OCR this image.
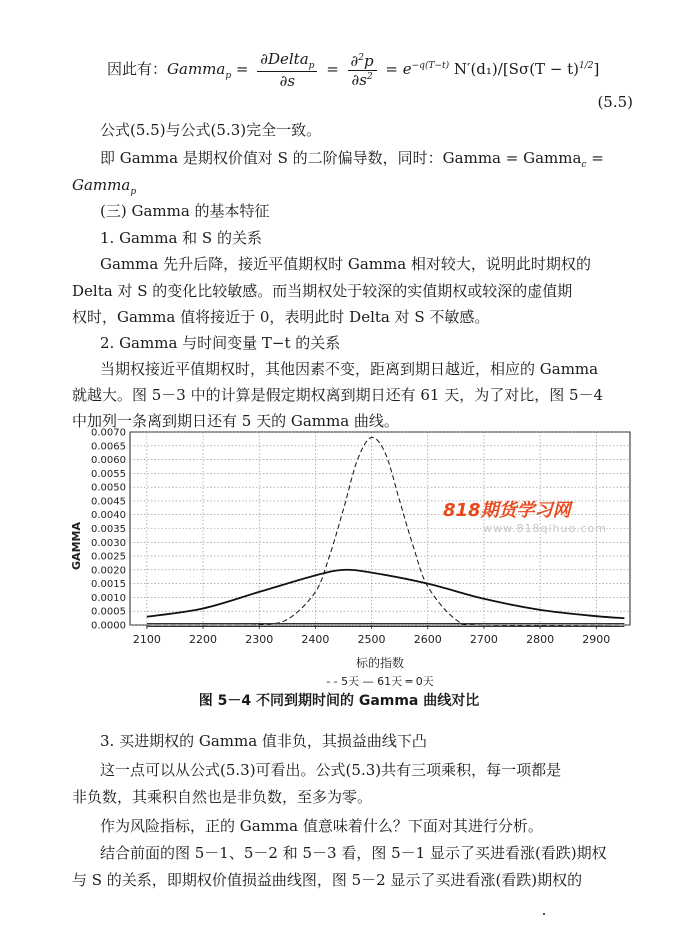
因此有：Gamma$_p$ = $\frac{\partial Delta_p}{\partial s} = \frac{\partial^2p}{\partial s^2} = e^{-q(T-t)}$ $N'(d_1)/[S\sigma(T - t)^{1/2}]$
(5.5)
公式(5.5)与公式(5.3)完全一致。
即 Gamma 是期权价值对 S 的二阶偏导数，同时：Gamma = Gamma$_c$ =
Gamma$_p$
(三) Gamma 的基本特征
1. Gamma 和 S 的关系
Gamma 先升后降，接近平值期权时 Gamma 相对较大，说明此时期权的
Delta 对 S 的变化比较敏感。而当期权处于较深的实值期权或较深的虚值期
权时，Gamma 值将接近于 0，表明此时 Delta 对 S 不敏感。
2. Gamma 与时间变量 T−t 的关系
当期权接近平值期权时，其他因素不变，距离到期日越近，相应的 Gamma
就越大。图 5－3 中的计算是假定期权离到期日还有 61 天，为了对比，图 5－4
中加列一条离到期日还有 5 天的 Gamma 曲线。
0.0000
0.0005
0.0010
0.0015
0.0020
0.0025
0.0030
0.0035
0.0040
0.0045
0.0050
0.0055
0.0060
0.0065
0.0070
2100	2200	2300	2400	2500	2600	2700	2800	2900
GAMMA
标的指数
- - 5天 — 61天 ═ 0天
818期货学习网
www.818qihuo.com
图 5－4 不同到期时间的 Gamma 曲线对比
3. 买进期权的 Gamma 值非负，其损益曲线下凸
这一点可以从公式(5.3)可看出。公式(5.3)共有三项乘积，每一项都是
非负数，其乘积自然也是非负数，至多为零。
作为风险指标，正的 Gamma 值意味着什么？下面对其进行分析。
结合前面的图 5－1、5－2 和 5－3 看，图 5－1 显示了买进看涨(看跌)期权
与 S 的关系，即期权价值损益曲线图，图 5－2 显示了买进看涨(看跌)期权的
